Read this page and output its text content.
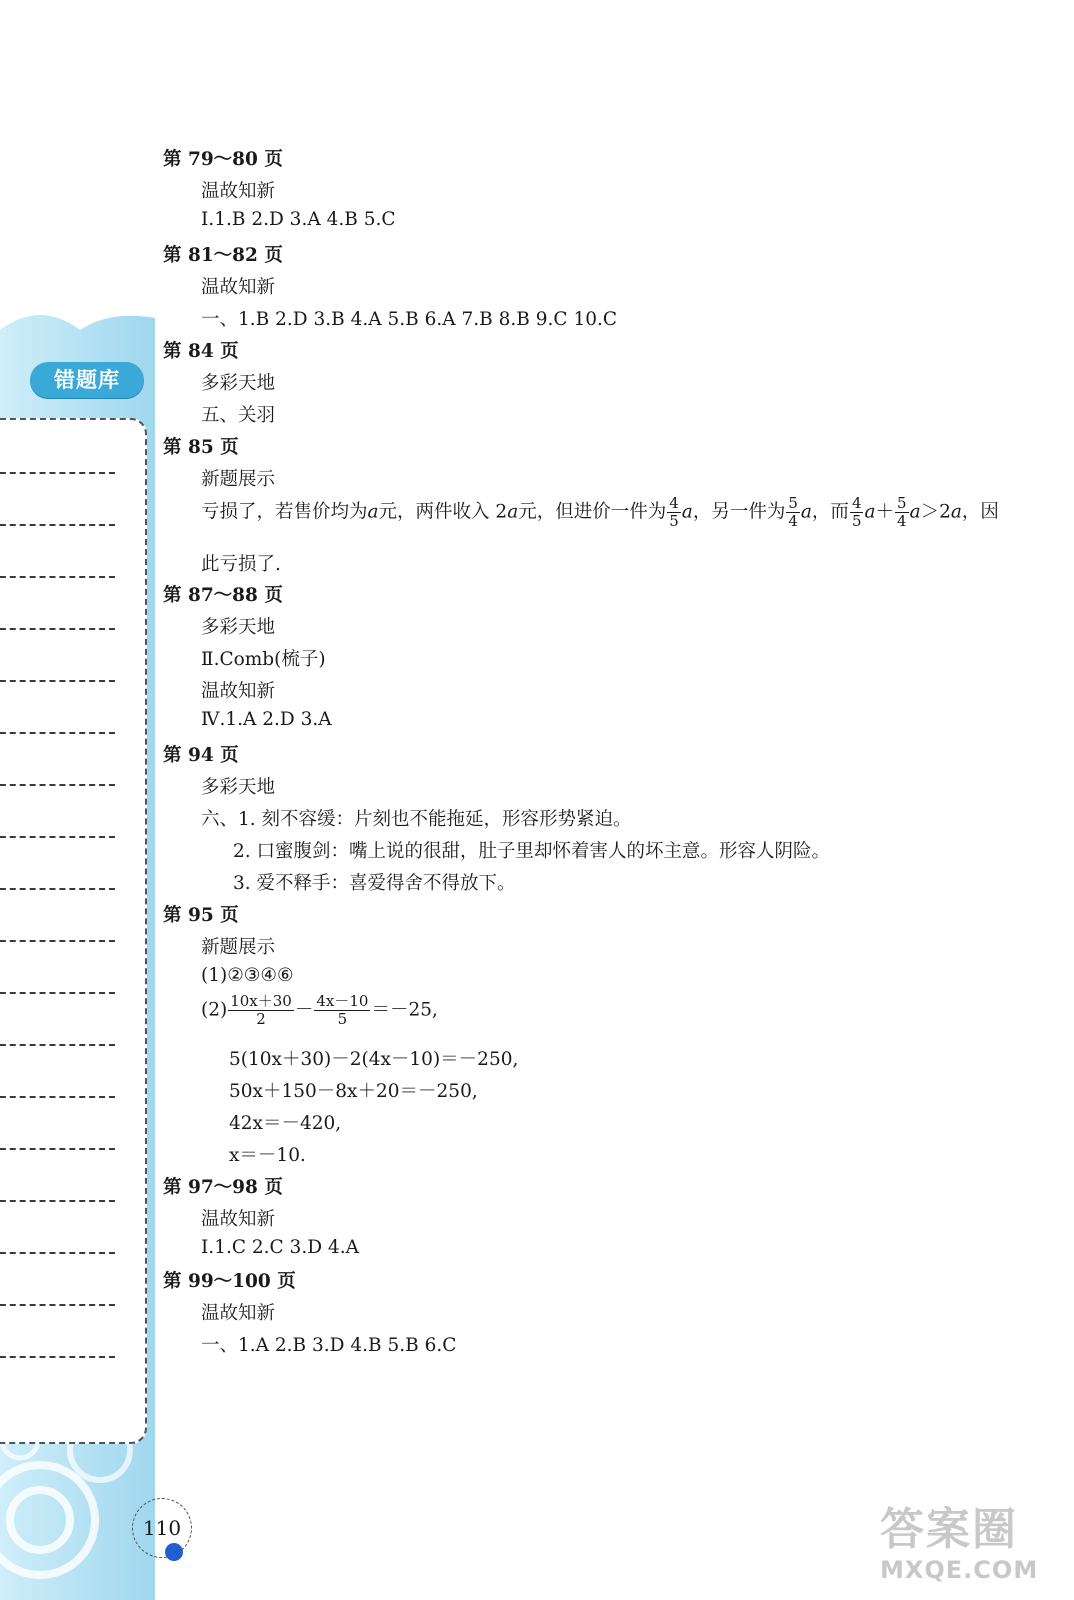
错题库
第 79～80 页
温故知新
Ⅰ.1.B 2.D 3.A 4.B 5.C
第 81～82 页
温故知新
一、1.B 2.D 3.B 4.A 5.B 6.A 7.B 8.B 9.C 10.C
第 84 页
多彩天地
五、关羽
第 85 页
新题展示
亏损了，若售价均为a元，两件收入 2a元，但进价一件为 $\frac{4}{5}$ a，另一件为 $\frac{5}{4}$ a，而 $\frac{4}{5} a+ \frac{5}{4} a>2a$，因
此亏损了.
第 87～88 页
多彩天地
Ⅱ.Comb(梳子)
温故知新
Ⅳ.1.A 2.D 3.A
第 94 页
多彩天地
六、1. 刻不容缓：片刻也不能拖延，形容形势紧迫。
2. 口蜜腹剑：嘴上说的很甜，肚子里却怀着害人的坏主意。形容人阴险。
3. 爱不释手：喜爱得舍不得放下。
第 95 页
新题展示
(1)②③④⑥
$(2) \frac{10x+30}{2} - \frac{4x-10}{5} =-25$,
5(10x＋30)－2(4x－10)＝－250,
50x＋150－8x＋20＝－250,
42x＝－420,
x＝－10.
第 97～98 页
温故知新
Ⅰ.1.C 2.C 3.D 4.A
第 99～100 页
温故知新
一、1.A 2.B 3.D 4.B 5.B 6.C
110	答案圈
MXQE.COM
